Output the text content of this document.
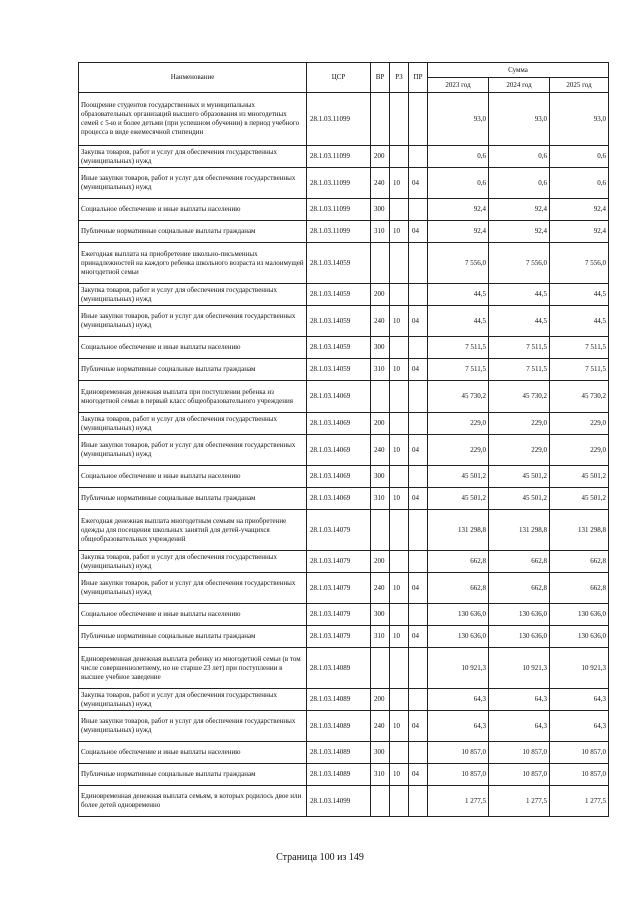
Наименование	ЦСР	ВР	РЗ	ПР	Сумма		
					2023 год	2024 год	2025 год
Поощрение студентов государственных и муниципальных образовательных организаций высшего образования из многодетных семей с 5-ю и более детьми (при успешном обучении) в период учебного процесса в виде ежемесячной стипендии	28.1.03.11099				93,0	93,0	93,0
Закупка товаров, работ и услуг для обеспечения государственных (муниципальных) нужд	28.1.03.11099	200			0,6	0,6	0,6
Иные закупки товаров, работ и услуг для обеспечения государственных (муниципальных) нужд	28.1.03.11099	240	10	04	0,6	0,6	0,6
Социальное обеспечение и иные выплаты населению	28.1.03.11099	300			92,4	92,4	92,4
Публичные нормативные социальные выплаты гражданам	28.1.03.11099	310	10	04	92,4	92,4	92,4
Ежегодная выплата на приобретение школьно-письменных принадлежностей на каждого ребенка школьного возраста из малоимущей многодетной семьи	28.1.03.14059				7 556,0	7 556,0	7 556,0
Закупка товаров, работ и услуг для обеспечения государственных (муниципальных) нужд	28.1.03.14059	200			44,5	44,5	44,5
Иные закупки товаров, работ и услуг для обеспечения государственных (муниципальных) нужд	28.1.03.14059	240	10	04	44,5	44,5	44,5
Социальное обеспечение и иные выплаты населению	28.1.03.14059	300			7 511,5	7 511,5	7 511,5
Публичные нормативные социальные выплаты гражданам	28.1.03.14059	310	10	04	7 511,5	7 511,5	7 511,5
Единовременная денежная выплата при поступлении ребенка из многодетной семьи в первый класс общеобразовательного учреждения	28.1.03.14069				45 730,2	45 730,2	45 730,2
Закупка товаров, работ и услуг для обеспечения государственных (муниципальных) нужд	28.1.03.14069	200			229,0	229,0	229,0
Иные закупки товаров, работ и услуг для обеспечения государственных (муниципальных) нужд	28.1.03.14069	240	10	04	229,0	229,0	229,0
Социальное обеспечение и иные выплаты населению	28.1.03.14069	300			45 501,2	45 501,2	45 501,2
Публичные нормативные социальные выплаты гражданам	28.1.03.14069	310	10	04	45 501,2	45 501,2	45 501,2
Ежегодная денежная выплата многодетным семьям на приобретение одежды для посещения школьных занятий для детей-учащихся общеобразовательных учреждений	28.1.03.14079				131 298,8	131 298,8	131 298,8
Закупка товаров, работ и услуг для обеспечения государственных (муниципальных) нужд	28.1.03.14079	200			662,8	662,8	662,8
Иные закупки товаров, работ и услуг для обеспечения государственных (муниципальных) нужд	28.1.03.14079	240	10	04	662,8	662,8	662,8
Социальное обеспечение и иные выплаты населению	28.1.03.14079	300			130 636,0	130 636,0	130 636,0
Публичные нормативные социальные выплаты гражданам	28.1.03.14079	310	10	04	130 636,0	130 636,0	130 636,0
Единовременная денежная выплата ребенку из многодетной семьи (в том числе совершеннолетнему, но не старше 23 лет) при поступлении в высшее учебное заведение	28.1.03.14089				10 921,3	10 921,3	10 921,3
Закупка товаров, работ и услуг для обеспечения государственных (муниципальных) нужд	28.1.03.14089	200			64,3	64,3	64,3
Иные закупки товаров, работ и услуг для обеспечения государственных (муниципальных) нужд	28.1.03.14089	240	10	04	64,3	64,3	64,3
Социальное обеспечение и иные выплаты населению	28.1.03.14089	300			10 857,0	10 857,0	10 857,0
Публичные нормативные социальные выплаты гражданам	28.1.03.14089	310	10	04	10 857,0	10 857,0	10 857,0
Единовременная денежная выплата семьям, в которых родилось двое или более детей одновременно	28.1.03.14099				1 277,5	1 277,5	1 277,5
Страница 100 из 149
